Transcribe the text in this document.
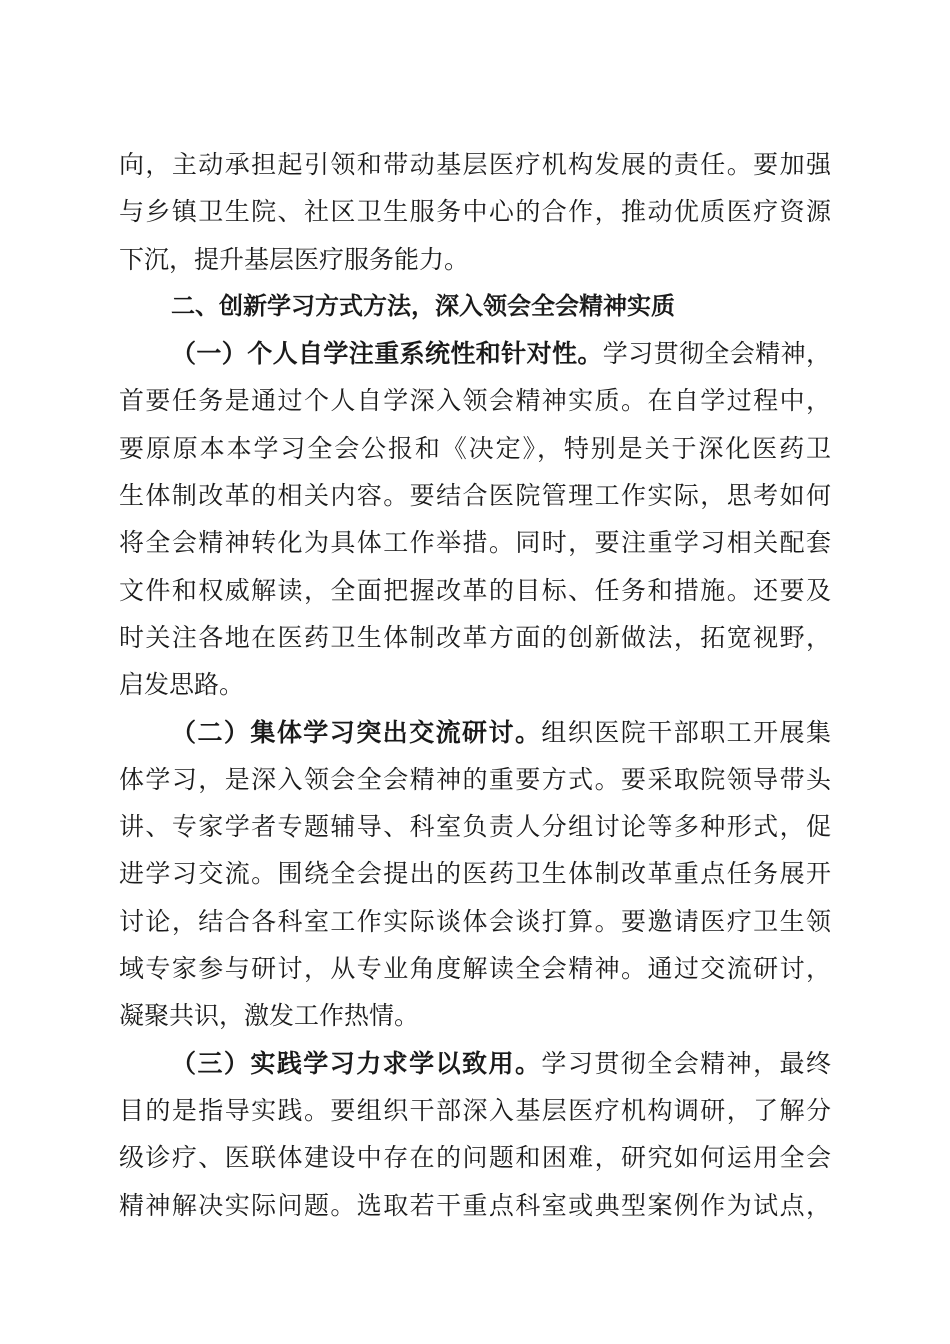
向，主动承担起引领和带动基层医疗机构发展的责任。要加强
与乡镇卫生院、社区卫生服务中心的合作，推动优质医疗资源
下沉，提升基层医疗服务能力。
二、创新学习方式方法，深入领会全会精神实质
（一）个人自学注重系统性和针对性。学习贯彻全会精神，
首要任务是通过个人自学深入领会精神实质。在自学过程中，
要原原本本学习全会公报和《决定》，特别是关于深化医药卫
生体制改革的相关内容。要结合医院管理工作实际，思考如何
将全会精神转化为具体工作举措。同时，要注重学习相关配套
文件和权威解读，全面把握改革的目标、任务和措施。还要及
时关注各地在医药卫生体制改革方面的创新做法，拓宽视野，
启发思路。
（二）集体学习突出交流研讨。组织医院干部职工开展集
体学习，是深入领会全会精神的重要方式。要采取院领导带头
讲、专家学者专题辅导、科室负责人分组讨论等多种形式，促
进学习交流。围绕全会提出的医药卫生体制改革重点任务展开
讨论，结合各科室工作实际谈体会谈打算。要邀请医疗卫生领
域专家参与研讨，从专业角度解读全会精神。通过交流研讨，
凝聚共识，激发工作热情。
（三）实践学习力求学以致用。学习贯彻全会精神，最终
目的是指导实践。要组织干部深入基层医疗机构调研，了解分
级诊疗、医联体建设中存在的问题和困难，研究如何运用全会
精神解决实际问题。选取若干重点科室或典型案例作为试点，
